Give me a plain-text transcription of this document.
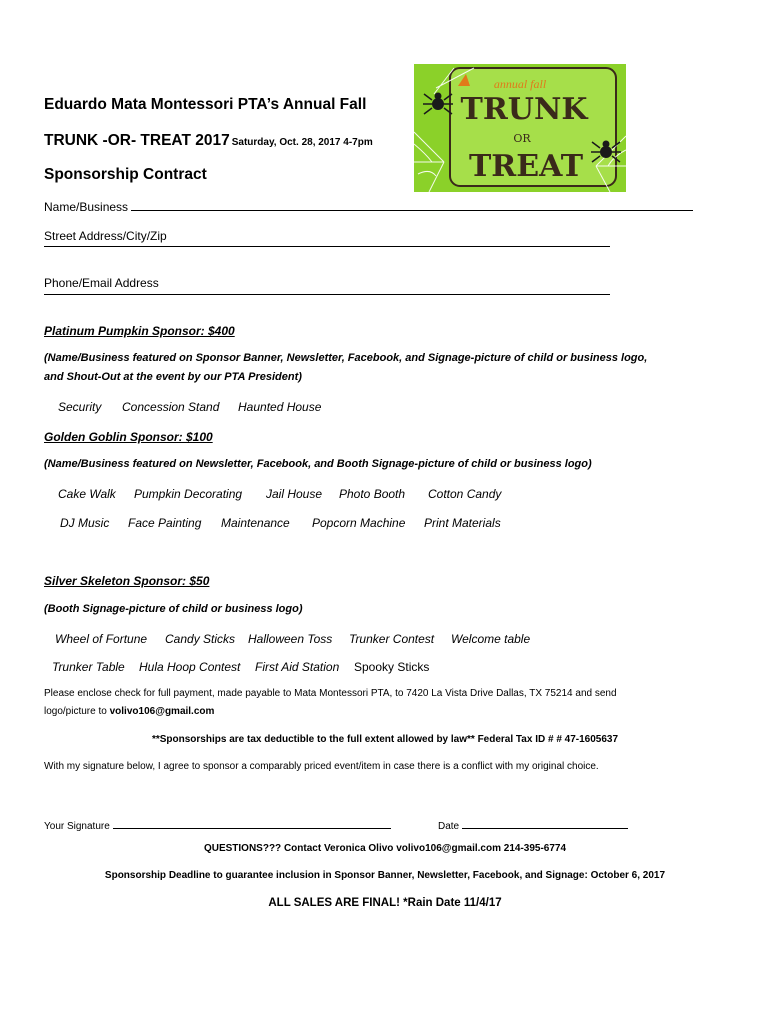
Eduardo Mata Montessori PTA’s Annual Fall
TRUNK -OR- TREAT 2017 Saturday, Oct. 28, 2017 4-7pm
Sponsorship Contract
annual fall
TRUNK
OR
TREAT
Name/Business
Street Address/City/Zip
Phone/Email Address
Platinum Pumpkin Sponsor: $400
(Name/Business featured on Sponsor Banner, Newsletter, Facebook, and Signage-picture of child or business logo,
and Shout-Out at the event by our PTA President)
Security Concession Stand Haunted House
Golden Goblin Sponsor: $100
(Name/Business featured on Newsletter, Facebook, and Booth Signage-picture of child or business logo)
Cake Walk Pumpkin Decorating Jail House Photo Booth Cotton Candy
DJ Music Face Painting Maintenance Popcorn Machine Print Materials
Silver Skeleton Sponsor: $50
(Booth Signage-picture of child or business logo)
Wheel of Fortune Candy Sticks Halloween Toss Trunker Contest Welcome table
Trunker Table Hula Hoop Contest First Aid Station Spooky Sticks
Please enclose check for full payment, made payable to Mata Montessori PTA, to 7420 La Vista Drive Dallas, TX 75214 and send
logo/picture to volivo106@gmail.com
**Sponsorships are tax deductible to the full extent allowed by law** Federal Tax ID # # 47-1605637
With my signature below, I agree to sponsor a comparably priced event/item in case there is a conflict with my original choice.
Your Signature	Date
QUESTIONS??? Contact Veronica Olivo volivo106@gmail.com 214-395-6774
Sponsorship Deadline to guarantee inclusion in Sponsor Banner, Newsletter, Facebook, and Signage: October 6, 2017
ALL SALES ARE FINAL! *Rain Date 11/4/17
